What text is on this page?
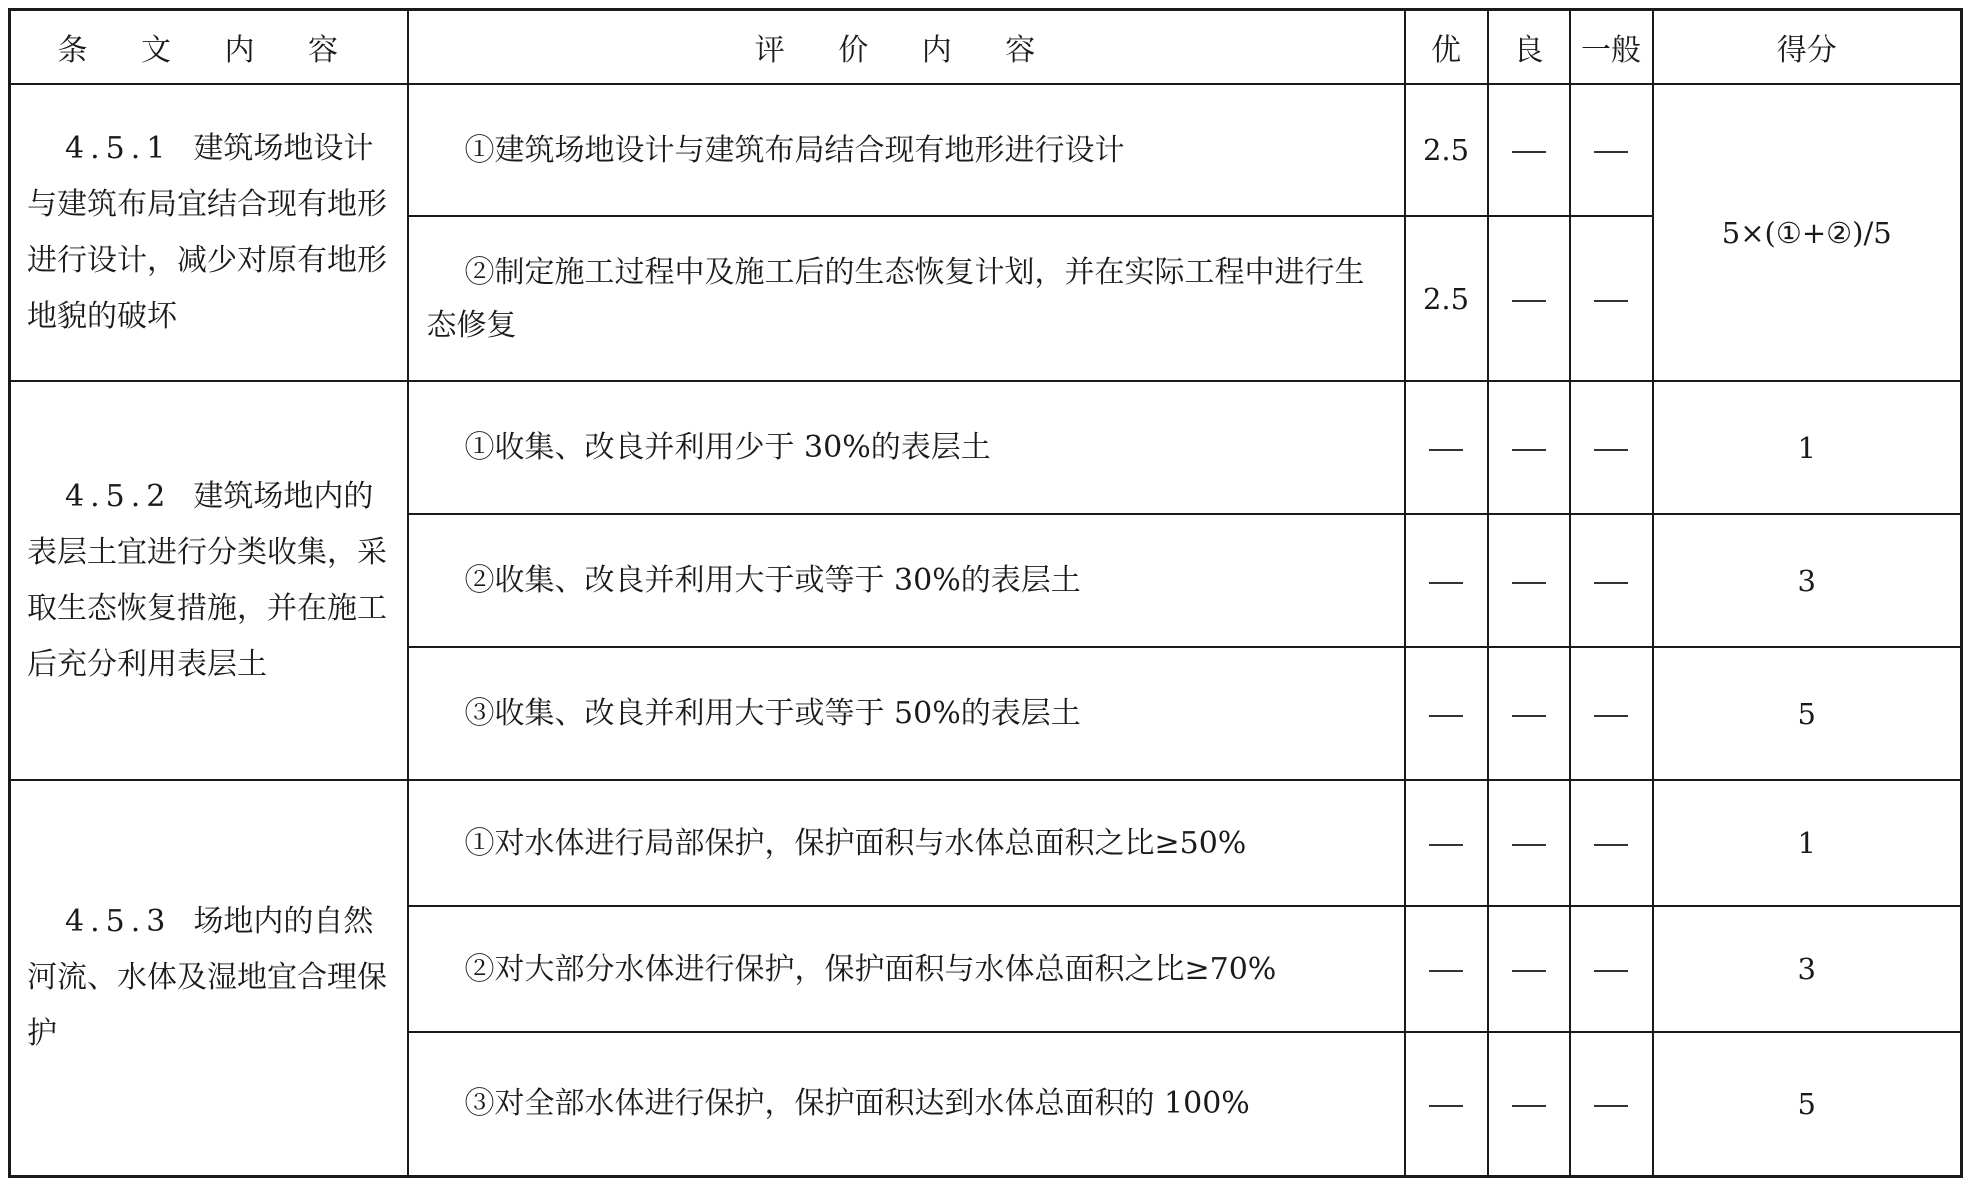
条 文 内 容	评 价 内 容	优	良	一般	得分
4.5.1 建筑场地设计与建筑布局宜结合现有地形进行设计，减少对原有地形地貌的破坏	①建筑场地设计与建筑布局结合现有地形进行设计	2.5			5×(①+②)/5
	②制定施工过程中及施工后的生态恢复计划，并在实际工程中进行生态修复	2.5			
4.5.2 建筑场地内的表层土宜进行分类收集，采取生态恢复措施，并在施工后充分利用表层土	①收集、改良并利用少于 30%的表层土				1
	②收集、改良并利用大于或等于 30%的表层土				3
	③收集、改良并利用大于或等于 50%的表层土				5
4.5.3 场地内的自然河流、水体及湿地宜合理保护	①对水体进行局部保护，保护面积与水体总面积之比≥50%				1
	②对大部分水体进行保护，保护面积与水体总面积之比≥70%				3
	③对全部水体进行保护，保护面积达到水体总面积的 100%				5
